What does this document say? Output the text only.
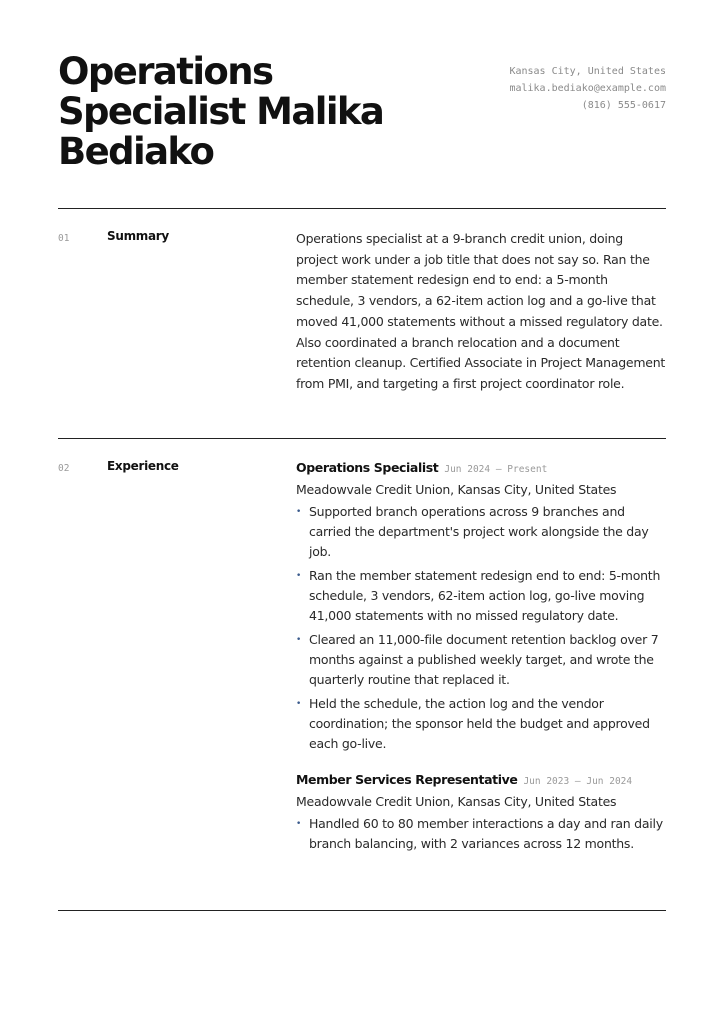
Operations Specialist Malika Bediako
Kansas City, United States
malika.bediako@example.com
(816) 555-0617
01	Summary	Operations specialist at a 9-branch credit union, doing project work under a job title that does not say so. Ran the member statement redesign end to end: a 5-month schedule, 3 vendors, a 62-item action log and a go-live that moved 41,000 statements without a missed regulatory date. Also coordinated a branch relocation and a document retention cleanup. Certified Associate in Project Management from PMI, and targeting a first project coordinator role.

02	Experience	Operations Specialist Jun 2024 — Present

Meadowvale Credit Union, Kansas City, United States

• Supported branch operations across 9 branches and carried the department's project work alongside the day job.
• Ran the member statement redesign end to end: 5-month schedule, 3 vendors, 62-item action log, go-live moving 41,000 statements with no missed regulatory date.
• Cleared an 11,000-file document retention backlog over 7 months against a published weekly target, and wrote the quarterly routine that replaced it.
• Held the schedule, the action log and the vendor coordination; the sponsor held the budget and approved each go-live.
Member Services Representative Jun 2023 — Jun 2024

Meadowvale Credit Union, Kansas City, United States

• Handled 60 to 80 member interactions a day and ran daily branch balancing, with 2 variances across 12 months.
